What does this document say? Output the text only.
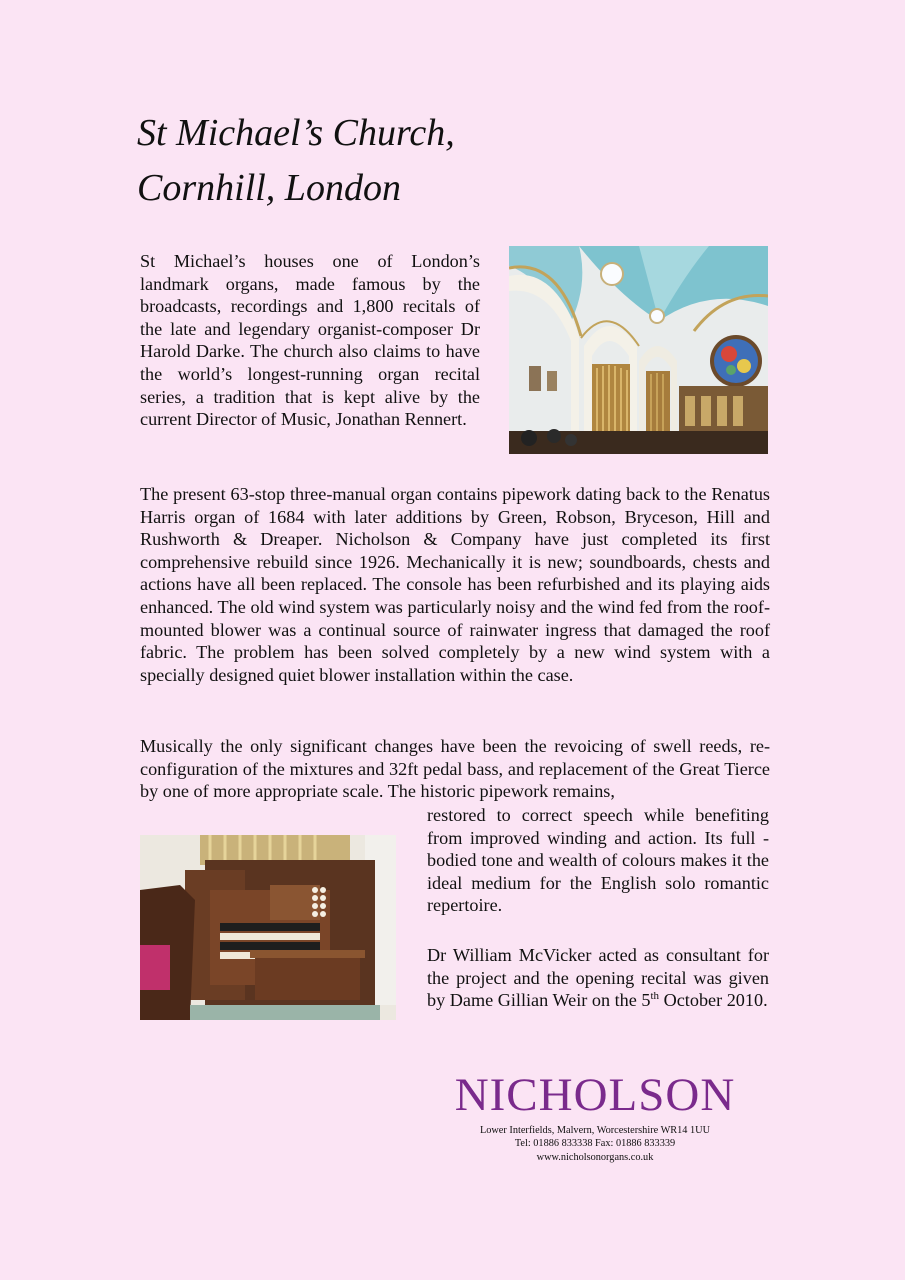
St Michael’s Church,
Cornhill, London

St Michael’s houses one of London’s landmark organs, made famous by the broadcasts, recordings and 1,800 recitals of the late and legendary organist-composer Dr Harold Darke. The church also claims to have the world’s longest-running organ recital series, a tradition that is kept alive by the current Director of Music, Jonathan Rennert.

The present 63-stop three-manual organ contains pipework dating back to the Renatus Harris organ of 1684 with later additions by Green, Robson, Bryceson, Hill and Rushworth & Dreaper. Nicholson & Company have just completed its first comprehensive rebuild since 1926. Mechanically it is new; soundboards, chests and actions have all been replaced. The console has been refurbished and its playing aids enhanced. The old wind system was particularly noisy and the wind fed from the roof-mounted blower was a continual source of rainwater ingress that damaged the roof fabric. The problem has been solved completely by a new wind system with a specially designed quiet blower installation within the case.

Musically the only significant changes have been the revoicing of swell reeds, re-configuration of the mixtures and 32ft pedal bass, and replacement of the Great Tierce by one of more appropriate scale. The historic pipework remains,

restored to correct speech while benefiting from improved winding and action. Its full -bodied tone and wealth of colours makes it the ideal medium for the English solo romantic repertoire.

Dr William McVicker acted as consultant for the project and the opening recital was given by Dame Gillian Weir on the 5th October 2010.

NICHOLSON
Lower Interfields, Malvern, Worcestershire WR14 1UU
Tel: 01886 833338 Fax: 01886 833339
www.nicholsonorgans.co.uk
